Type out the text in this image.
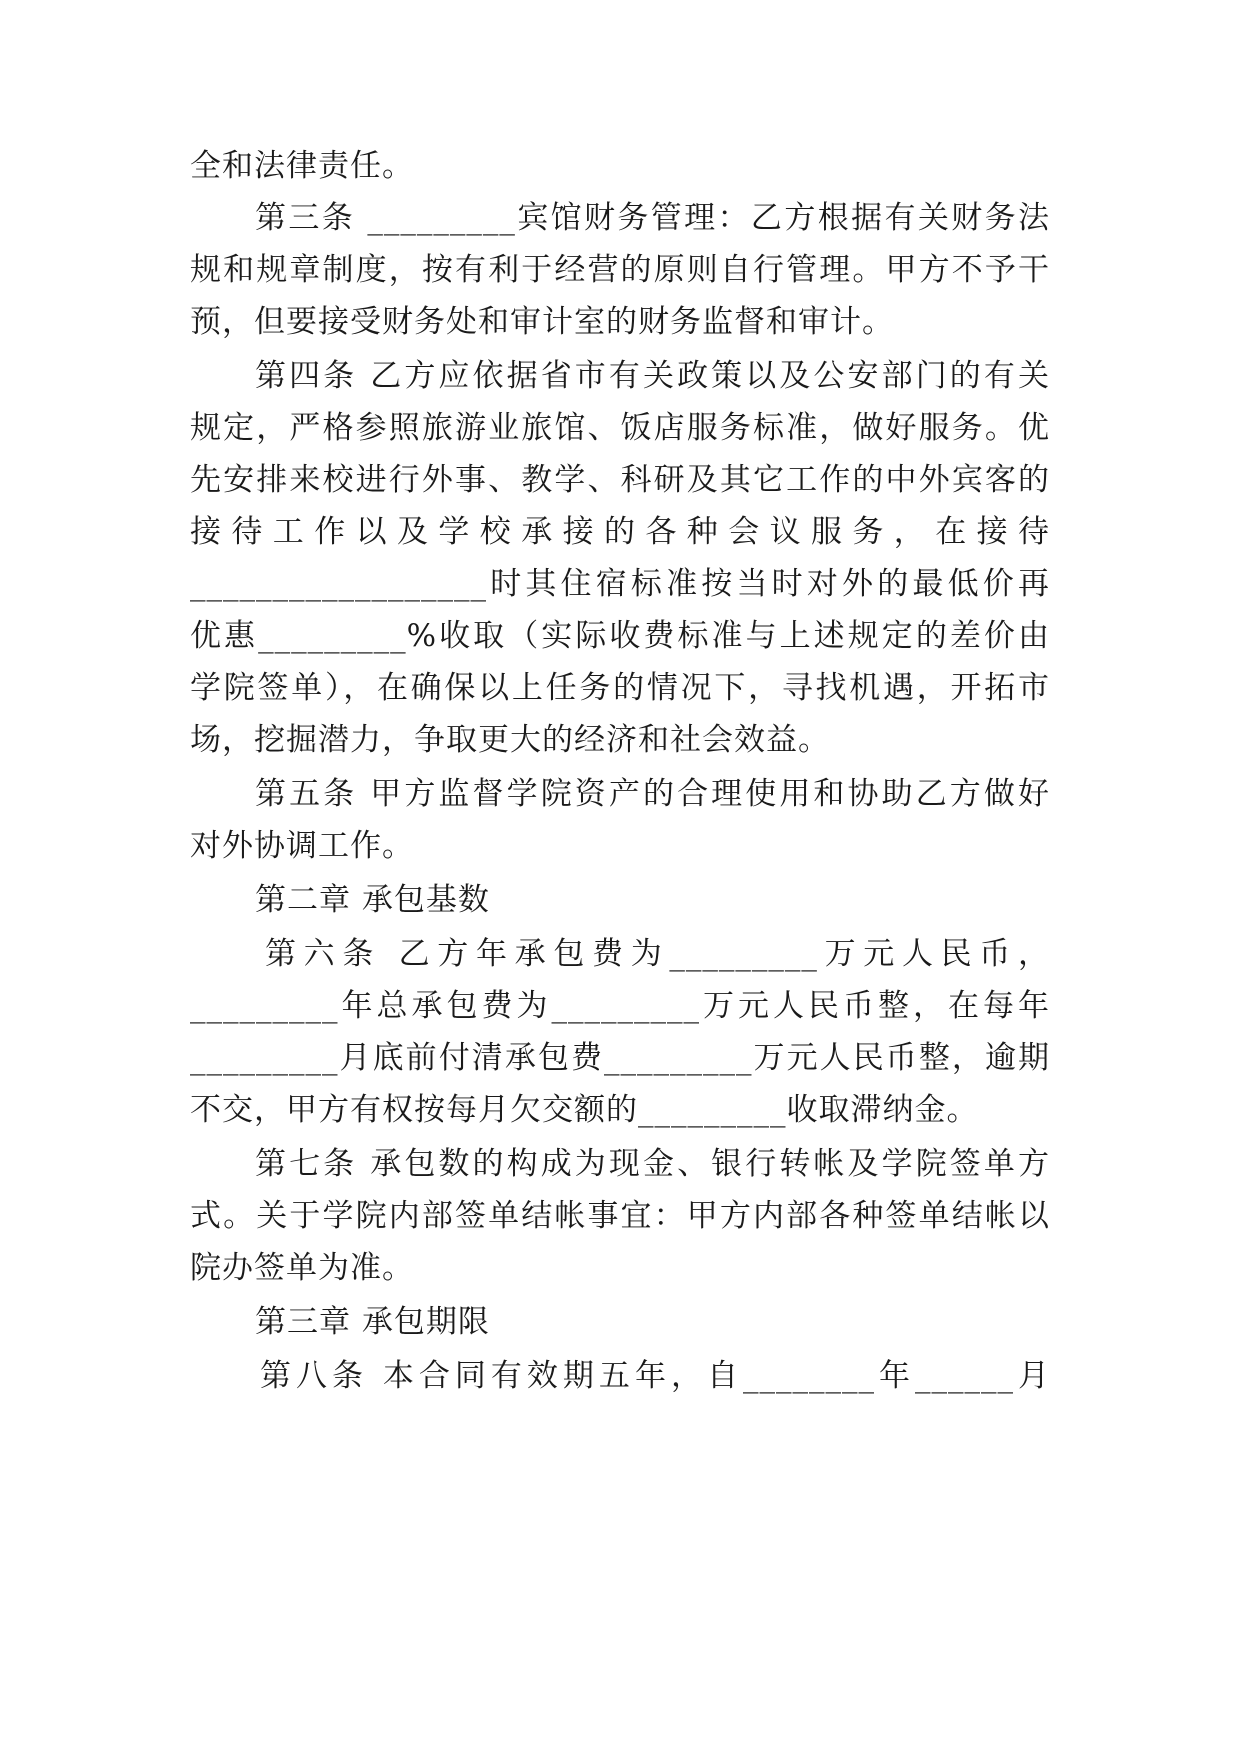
全和法律责任。
第三条 _________宾馆财务管理：乙方根据有关财务法
规和规章制度，按有利于经营的原则自行管理。甲方不予干
预，但要接受财务处和审计室的财务监督和审计。
第四条 乙方应依据省市有关政策以及公安部门的有关
规定，严格参照旅游业旅馆、饭店服务标准，做好服务。优
先安排来校进行外事、教学、科研及其它工作的中外宾客的
接待工作以及学校承接的各种会议服务，在接待
__________________时其住宿标准按当时对外的最低价再
优惠_________%收取（实际收费标准与上述规定的差价由
学院签单），在确保以上任务的情况下，寻找机遇，开拓市
场，挖掘潜力，争取更大的经济和社会效益。
第五条 甲方监督学院资产的合理使用和协助乙方做好
对外协调工作。
第二章 承包基数
第六条 乙方年承包费为_________万元人民币，
_________年总承包费为_________万元人民币整，在每年
_________月底前付清承包费_________万元人民币整，逾期
不交，甲方有权按每月欠交额的_________收取滞纳金。
第七条 承包数的构成为现金、银行转帐及学院签单方
式。关于学院内部签单结帐事宜：甲方内部各种签单结帐以
院办签单为准。
第三章 承包期限
第八条 本合同有效期五年，自________年______月
